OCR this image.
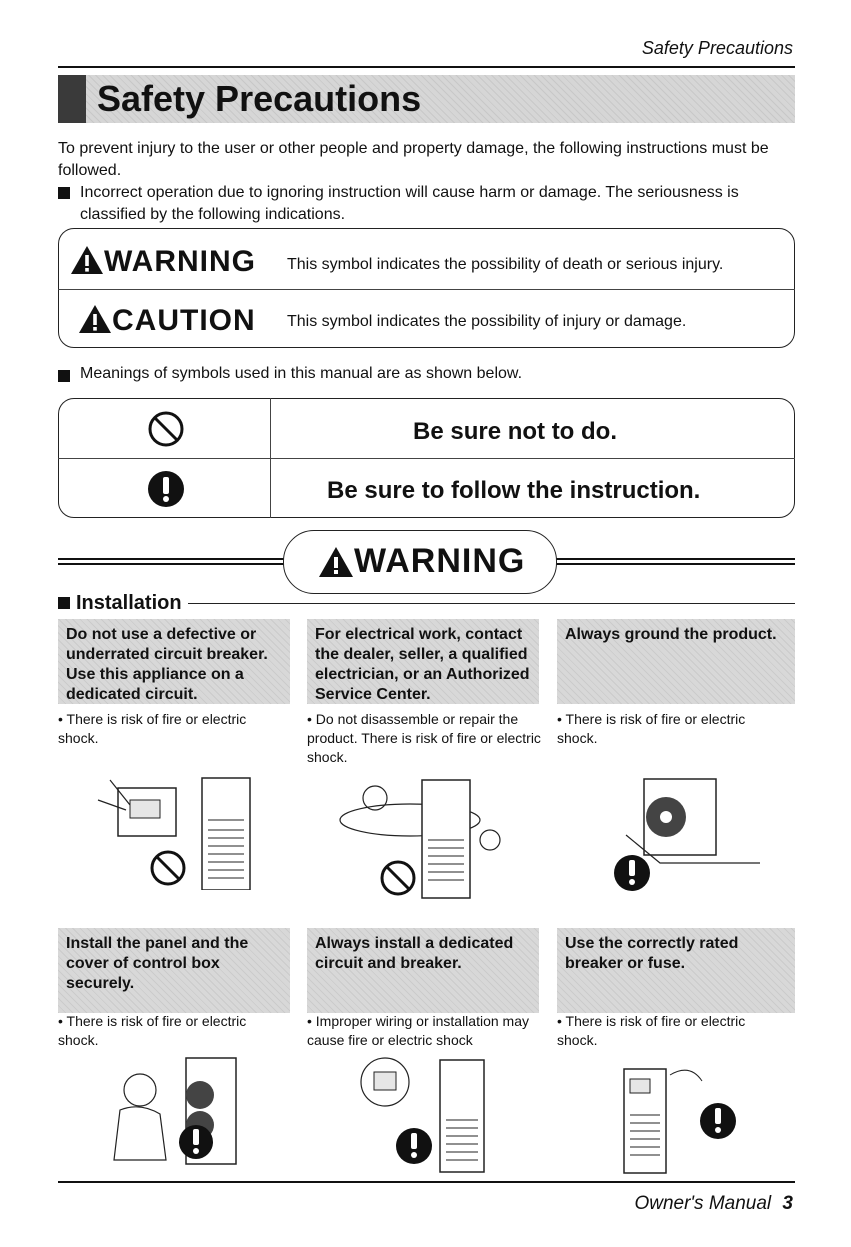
Safety Precautions
Safety Precautions

To prevent injury to the user or other people and property damage, the following instructions must be followed.

Incorrect operation due to ignoring instruction will cause harm or damage. The seriousness is classified by the following indications.

WARNING This symbol indicates the possibility of death or serious injury.
CAUTION This symbol indicates the possibility of injury or damage.
Meanings of symbols used in this manual are as shown below.
Be sure not to do.
Be sure to follow the instruction.
WARNING
Installation
Do not use a defective or underrated circuit breaker. Use this appliance on a dedicated circuit.
• There is risk of fire or electric shock.
For electrical work, contact the dealer, seller, a qualified electrician, or an Authorized Service Center.
• Do not disassemble or repair the product. There is risk of fire or electric shock.
Always ground the product.
• There is risk of fire or electric shock.
Install the panel and the cover of control box securely.
• There is risk of fire or electric shock.
Always install a dedicated circuit and breaker.
• Improper wiring or installation may cause fire or electric shock
Use the correctly rated breaker or fuse.
• There is risk of fire or electric shock.
Owner's Manual 3
